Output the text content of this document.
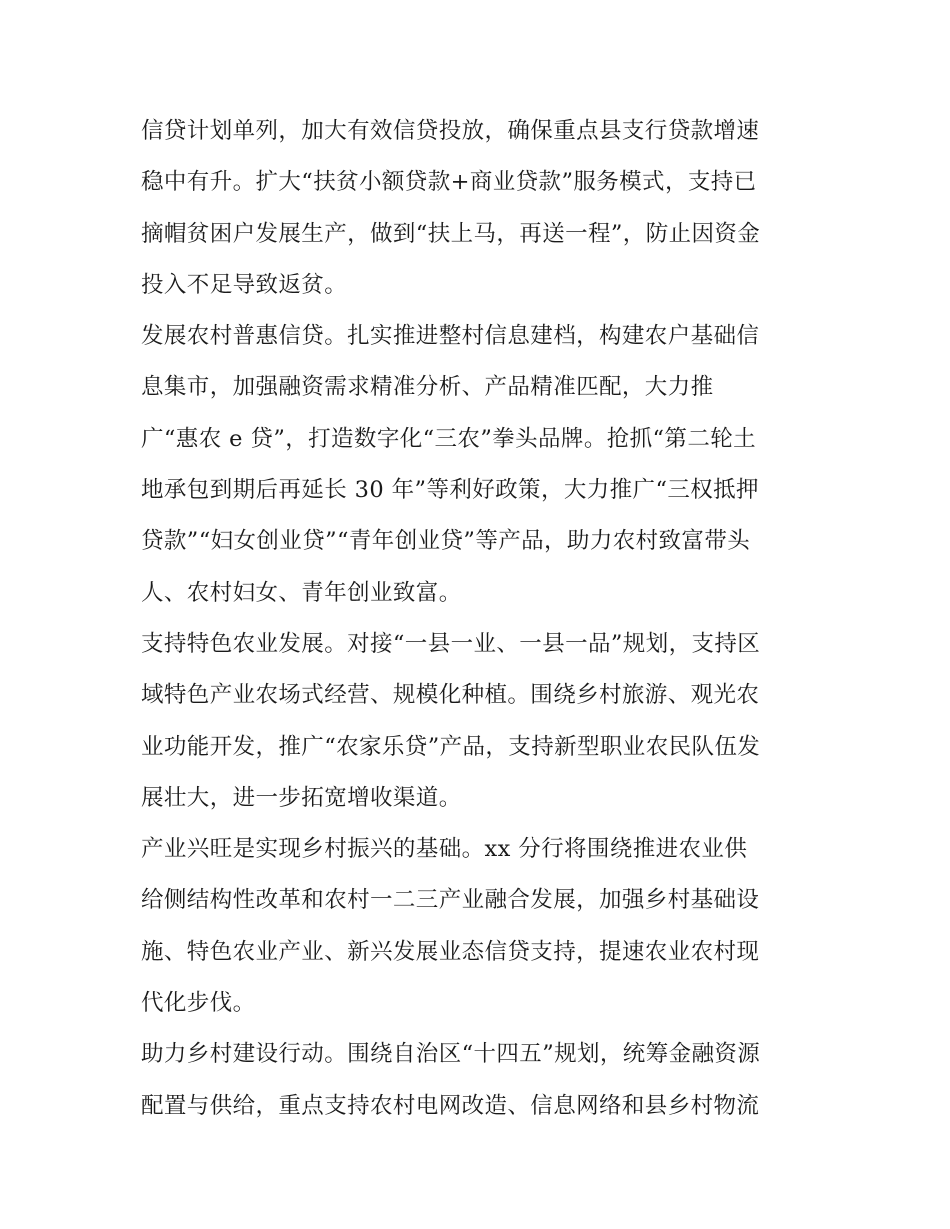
信贷计划单列，加大有效信贷投放，确保重点县支行贷款增速
稳中有升。扩大“扶贫小额贷款+商业贷款”服务模式，支持已
摘帽贫困户发展生产，做到“扶上马，再送一程”，防止因资金
投入不足导致返贫。
发展农村普惠信贷。扎实推进整村信息建档，构建农户基础信
息集市，加强融资需求精准分析、产品精准匹配，大力推
广“惠农 e 贷”，打造数字化“三农”拳头品牌。抢抓“第二轮土
地承包到期后再延长 30 年”等利好政策，大力推广“三权抵押
贷款”“妇女创业贷”“青年创业贷”等产品，助力农村致富带头
人、农村妇女、青年创业致富。
支持特色农业发展。对接“一县一业、一县一品”规划，支持区
域特色产业农场式经营、规模化种植。围绕乡村旅游、观光农
业功能开发，推广“农家乐贷”产品，支持新型职业农民队伍发
展壮大，进一步拓宽增收渠道。
产业兴旺是实现乡村振兴的基础。xx 分行将围绕推进农业供
给侧结构性改革和农村一二三产业融合发展，加强乡村基础设
施、特色农业产业、新兴发展业态信贷支持，提速农业农村现
代化步伐。
助力乡村建设行动。围绕自治区“十四五”规划，统筹金融资源
配置与供给，重点支持农村电网改造、信息网络和县乡村物流
